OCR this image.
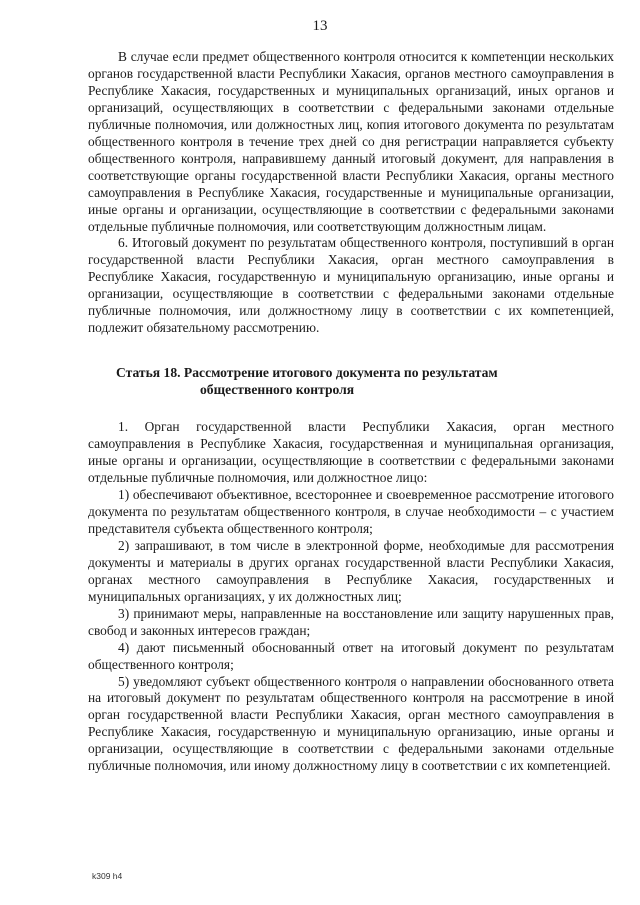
13

В случае если предмет общественного контроля относится к компетенции нескольких органов государственной власти Республики Хакасия, органов местного самоуправления в Республике Хакасия, государственных и муниципальных организаций, иных органов и организаций, осуществляющих в соответствии с федеральными законами отдельные публичные полномочия, или должностных лиц, копия итогового документа по результатам общественного контроля в течение трех дней со дня регистрации направляется субъекту общественного контроля, направившему данный итоговый документ, для направления в соответствующие органы государственной власти Республики Хакасия, органы местного самоуправления в Республике Хакасия, государственные и муниципальные организации, иные органы и организации, осуществляющие в соответствии с федеральными законами отдельные публичные полномочия, или соответствующим должностным лицам.

6. Итоговый документ по результатам общественного контроля, поступивший в орган государственной власти Республики Хакасия, орган местного самоуправления в Республике Хакасия, государственную и муниципальную организацию, иные органы и организации, осуществляющие в соответствии с федеральными законами отдельные публичные полномочия, или должностному лицу в соответствии с их компетенцией, подлежит обязательному рассмотрению.

Статья 18. Рассмотрение итогового документа по результатам
общественного контроля

1. Орган государственной власти Республики Хакасия, орган местного самоуправления в Республике Хакасия, государственная и муниципальная организация, иные органы и организации, осуществляющие в соответствии с федеральными законами отдельные публичные полномочия, или должностное лицо:

1) обеспечивают объективное, всестороннее и своевременное рассмотрение итогового документа по результатам общественного контроля, в случае необходимости – с участием представителя субъекта общественного контроля;

2) запрашивают, в том числе в электронной форме, необходимые для рассмотрения документы и материалы в других органах государственной власти Республики Хакасия, органах местного самоуправления в Республике Хакасия, государственных и муниципальных организациях, у их должностных лиц;

3) принимают меры, направленные на восстановление или защиту нарушенных прав, свобод и законных интересов граждан;

4) дают письменный обоснованный ответ на итоговый документ по результатам общественного контроля;

5) уведомляют субъект общественного контроля о направлении обоснованного ответа на итоговый документ по результатам общественного контроля на рассмотрение в иной орган государственной власти Республики Хакасия, орган местного самоуправления в Республике Хакасия, государственную и муниципальную организацию, иные органы и организации, осуществляющие в соответствии с федеральными законами отдельные публичные полномочия, или иному должностному лицу в соответствии с их компетенцией.

k309 h4
